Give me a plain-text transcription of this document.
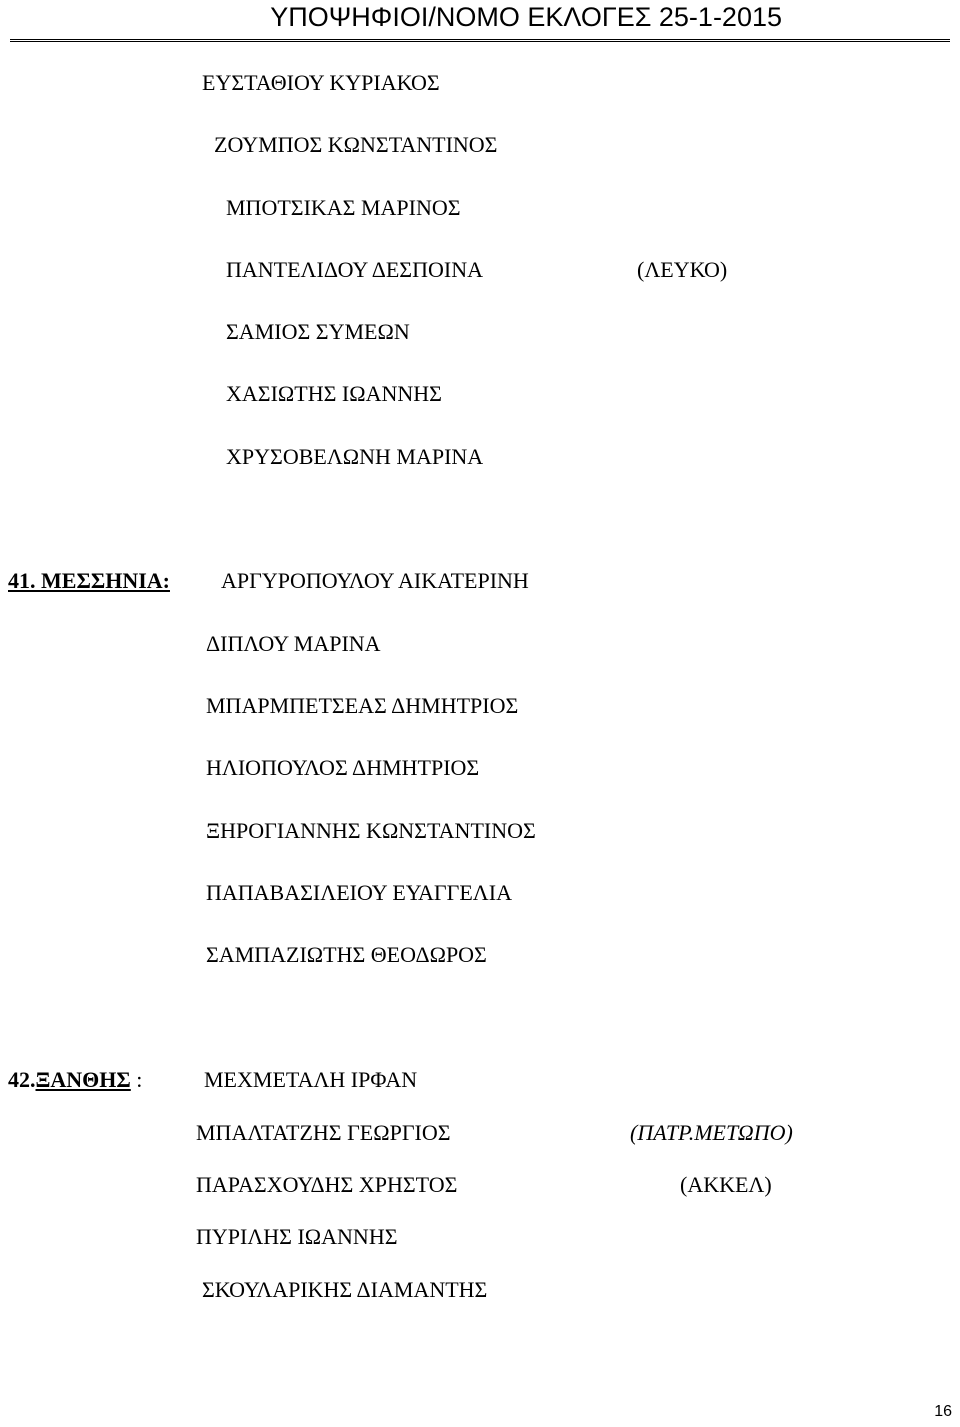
ΥΠΟΨΗΦΙΟΙ/ΝΟΜΟ ΕΚΛΟΓΕΣ 25-1-2015
ΕΥΣΤΑΘΙΟΥ ΚΥΡΙΑΚΟΣ
ΖΟΥΜΠΟΣ ΚΩΝΣΤΑΝΤΙΝΟΣ
ΜΠΟΤΣΙΚΑΣ ΜΑΡΙΝΟΣ
ΠΑΝΤΕΛΙΔΟΥ ΔΕΣΠΟΙΝΑ	(ΛΕΥΚΟ)
ΣΑΜΙΟΣ ΣΥΜΕΩΝ
ΧΑΣΙΩΤΗΣ ΙΩΑΝΝΗΣ
ΧΡΥΣΟΒΕΛΩΝΗ ΜΑΡΙΝΑ
41. ΜΕΣΣΗΝΙΑ: ΑΡΓΥΡΟΠΟΥΛΟΥ ΑΙΚΑΤΕΡΙΝΗ
ΔΙΠΛΟΥ ΜΑΡΙΝΑ
ΜΠΑΡΜΠΕΤΣΕΑΣ ΔΗΜΗΤΡΙΟΣ
ΗΛΙΟΠΟΥΛΟΣ ΔΗΜΗΤΡΙΟΣ
ΞΗΡΟΓΙΑΝΝΗΣ ΚΩΝΣΤΑΝΤΙΝΟΣ
ΠΑΠΑΒΑΣΙΛΕΙΟΥ ΕΥΑΓΓΕΛΙΑ
ΣΑΜΠΑΖΙΩΤΗΣ ΘΕΟΔΩΡΟΣ
42.ΞΑΝΘΗΣ :	ΜΕΧΜΕΤΑΛΗ ΙΡΦΑΝ
ΜΠΑΛΤΑΤΖΗΣ ΓΕΩΡΓΙΟΣ	(ΠΑΤΡ.ΜΕΤΩΠΟ)
ΠΑΡΑΣΧΟΥΔΗΣ ΧΡΗΣΤΟΣ	(ΑΚΚΕΛ)
ΠΥΡΙΛΗΣ ΙΩΑΝΝΗΣ
ΣΚΟΥΛΑΡΙΚΗΣ ΔΙΑΜΑΝΤΗΣ
16
